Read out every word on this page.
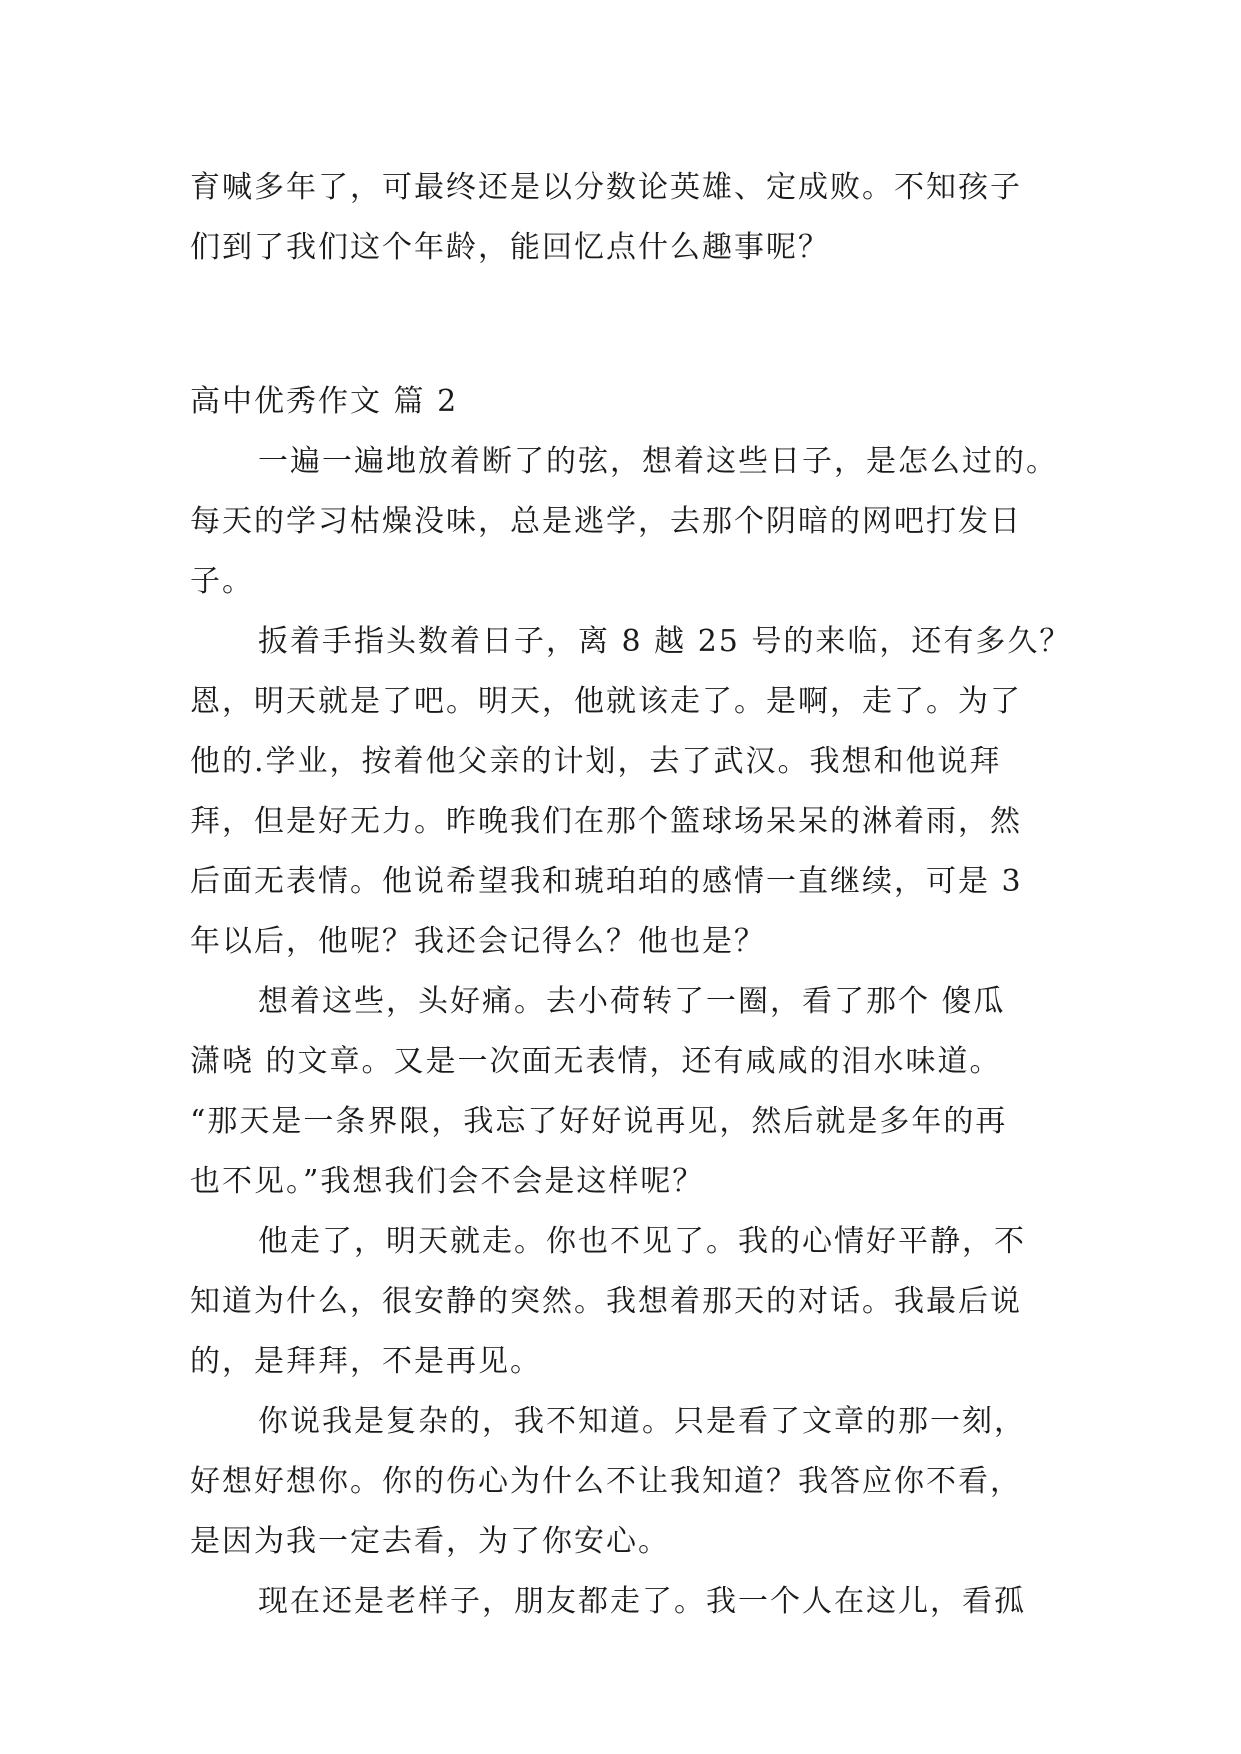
育喊多年了，可最终还是以分数论英雄、定成败。不知孩子
们到了我们这个年龄，能回忆点什么趣事呢？
高中优秀作文 篇 2
一遍一遍地放着断了的弦，想着这些日子，是怎么过的。
每天的学习枯燥没味，总是逃学，去那个阴暗的网吧打发日
子。
扳着手指头数着日子，离 8 越 25 号的来临，还有多久？
恩，明天就是了吧。明天，他就该走了。是啊，走了。为了
他的.学业，按着他父亲的计划，去了武汉。我想和他说拜
拜，但是好无力。昨晚我们在那个篮球场呆呆的淋着雨，然
后面无表情。他说希望我和琥珀珀的感情一直继续，可是 3
年以后，他呢？我还会记得么？他也是？
想着这些，头好痛。去小荷转了一圈，看了那个 傻瓜
潇哓 的文章。又是一次面无表情，还有咸咸的泪水味道。
“那天是一条界限，我忘了好好说再见，然后就是多年的再
也不见。”我想我们会不会是这样呢？
他走了，明天就走。你也不见了。我的心情好平静，不
知道为什么，很安静的突然。我想着那天的对话。我最后说
的，是拜拜，不是再见。
你说我是复杂的，我不知道。只是看了文章的那一刻，
好想好想你。你的伤心为什么不让我知道？我答应你不看，
是因为我一定去看，为了你安心。
现在还是老样子，朋友都走了。我一个人在这儿，看孤
